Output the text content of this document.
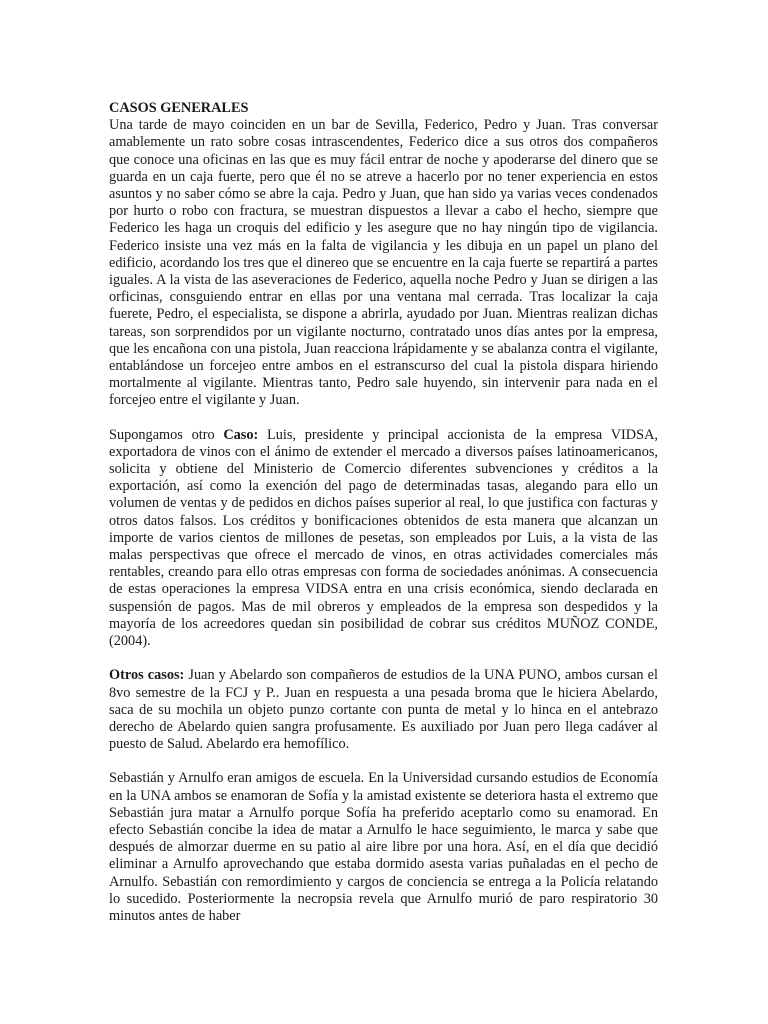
CASOS GENERALES

Una tarde de mayo coinciden en un bar de Sevilla, Federico, Pedro y Juan. Tras conversar amablemente un rato sobre cosas intrascendentes, Federico dice a sus otros dos compañeros que conoce una oficinas en las que es muy fácil entrar de noche y apoderarse del dinero que se guarda en un caja fuerte, pero que él no se atreve a hacerlo por no tener experiencia en estos asuntos y no saber cómo se abre la caja. Pedro y Juan, que han sido ya varias veces condenados por hurto o robo con fractura, se muestran dispuestos a llevar a cabo el hecho, siempre que Federico les haga un croquis del edificio y les asegure que no hay ningún tipo de vigilancia. Federico insiste una vez más en la falta de vigilancia y les dibuja en un papel un plano del edificio, acordando los tres que el dinereo que se encuentre en la caja fuerte se repartirá a partes iguales. A la vista de las aseveraciones de Federico, aquella noche Pedro y Juan se dirigen a las orficinas, consguiendo entrar en ellas por una ventana mal cerrada. Tras localizar la caja fuerete, Pedro, el especialista, se dispone a abrirla, ayudado por Juan. Mientras realizan dichas tareas, son sorprendidos por un vigilante nocturno, contratado unos días antes por la empresa, que les encañona con una pistola, Juan reacciona lrápidamente y se abalanza contra el vigilante, entablándose un forcejeo entre ambos en el estranscurso del cual la pistola dispara hiriendo mortalmente al vigilante. Mientras tanto, Pedro sale huyendo, sin intervenir para nada en el forcejeo entre el vigilante y Juan.

Supongamos otro Caso: Luis, presidente y principal accionista de la empresa VIDSA, exportadora de vinos con el ánimo de extender el mercado a diversos países latinoamericanos, solicita y obtiene del Ministerio de Comercio diferentes subvenciones y créditos a la exportación, así como la exención del pago de determinadas tasas, alegando para ello un volumen de ventas y de pedidos en dichos países superior al real, lo que justifica con facturas y otros datos falsos. Los créditos y bonificaciones obtenidos de esta manera que alcanzan un importe de varios cientos de millones de pesetas, son empleados por Luis, a la vista de las malas perspectivas que ofrece el mercado de vinos, en otras actividades comerciales más rentables, creando para ello otras empresas con forma de sociedades anónimas. A consecuencia de estas operaciones la empresa VIDSA entra en una crisis económica, siendo declarada en suspensión de pagos. Mas de mil obreros y empleados de la empresa son despedidos y la mayoría de los acreedores quedan sin posibilidad de cobrar sus créditos MUÑOZ CONDE, (2004).

Otros casos: Juan y Abelardo son compañeros de estudios de la UNA PUNO, ambos cursan el 8vo semestre de la FCJ y P.. Juan en respuesta a una pesada broma que le hiciera Abelardo, saca de su mochila un objeto punzo cortante con punta de metal y lo hinca en el antebrazo derecho de Abelardo quien sangra profusamente. Es auxiliado por Juan pero llega cadáver al puesto de Salud. Abelardo era hemofílico.

Sebastián y Arnulfo eran amigos de escuela. En la Universidad cursando estudios de Economía en la UNA ambos se enamoran de Sofía y la amistad existente se deteriora hasta el extremo que Sebastián jura matar a Arnulfo porque Sofía ha preferido aceptarlo como su enamorad. En efecto Sebastián concibe la idea de matar a Arnulfo le hace seguimiento, le marca y sabe que después de almorzar duerme en su patio al aire libre por una hora. Así, en el día que decidió eliminar a Arnulfo aprovechando que estaba dormido asesta varias puñaladas en el pecho de Arnulfo. Sebastián con remordimiento y cargos de conciencia se entrega a la Policía relatando lo sucedido. Posteriormente la necropsia revela que Arnulfo murió de paro respiratorio 30 minutos antes de haber
